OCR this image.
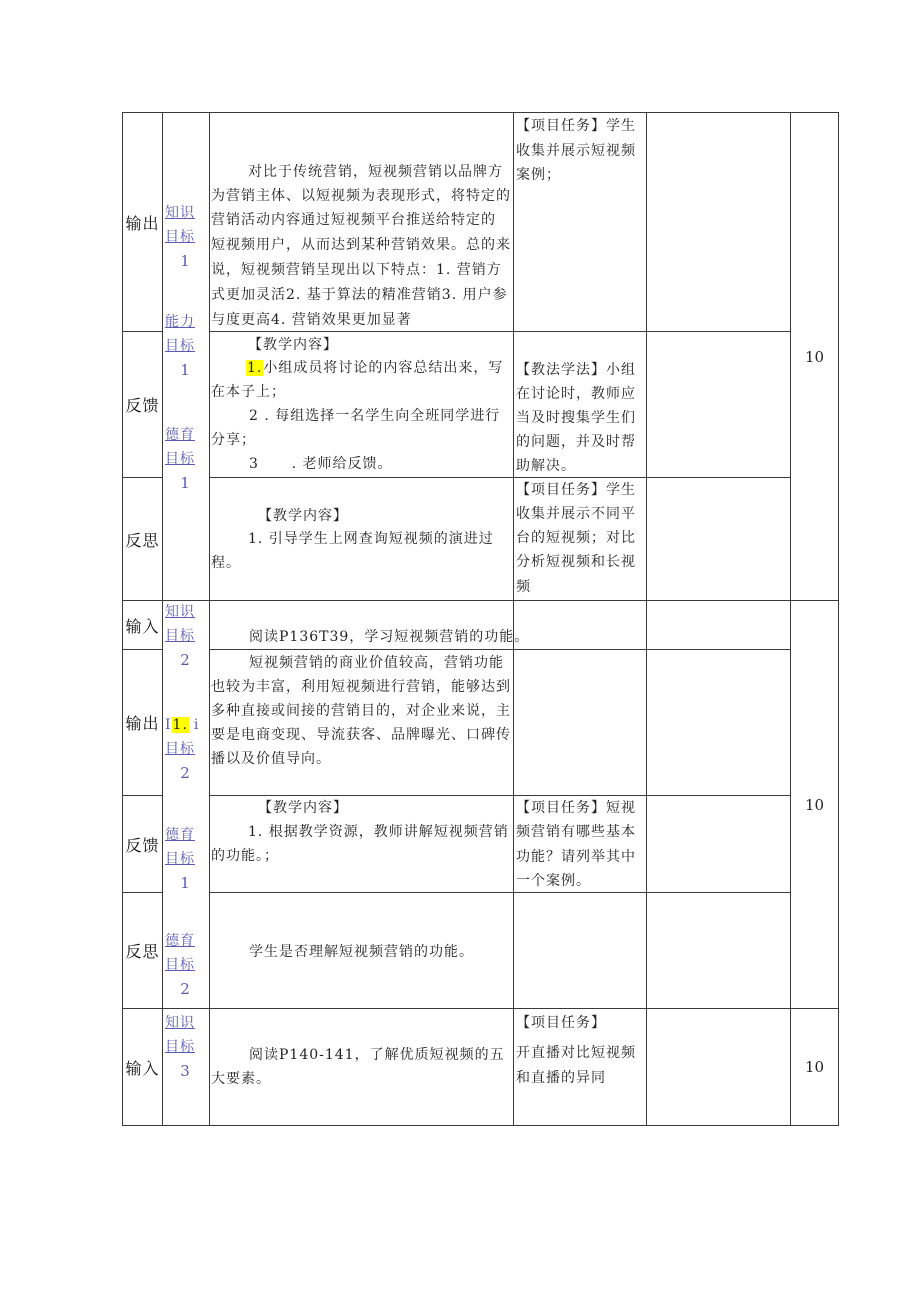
输出
对比于传统营销，短视频营销以品牌方
为营销主体、以短视频为表现形式，将特定的
营销活动内容通过短视频平台推送给特定的
短视频用户，从而达到某种营销效果。总的来
说，短视频营销呈现出以下特点：1. 营销方
式更加灵活2. 基于算法的精准营销3. 用户参
与度更高4. 营销效果更加显著
【项目任务】学生
收集并展示短视频
案例；
反馈
【教学内容】
1.小组成员将讨论的内容总结出来，写
在本子上；
2 . 每组选择一名学生向全班同学进行
分享；
3      . 老师给反馈。
【教法学法】小组
在讨论时，教师应
当及时搜集学生们
的问题，并及时帮
助解决。
反思
【教学内容】
1. 引导学生上网查询短视频的演进过
程。
【项目任务】学生
收集并展示不同平
台的短视频；对比
分析短视频和长视
频
输入
阅读P136T39，学习短视频营销的功能。
输出
短视频营销的商业价值较高，营销功能
也较为丰富，利用短视频进行营销，能够达到
多种直接或间接的营销目的，对企业来说，主
要是电商变现、导流获客、品牌曝光、口碑传
播以及价值导向。
反馈
【教学内容】
1. 根据教学资源，教师讲解短视频营销
的功能。；
【项目任务】短视
频营销有哪些基本
功能？请列举其中
一个案例。
反思	学生是否理解短视频营销的功能。
输入
阅读P140-141，了解优质短视频的五
大要素。
【项目任务】
开直播对比短视频
和直播的异同
10
知识
目标
1
能力
目标
1
德育
目标
1
10
知识
目标
2
I1. i
目标
2
德育
目标
1
德育
目标
2
10
知识
目标
3
